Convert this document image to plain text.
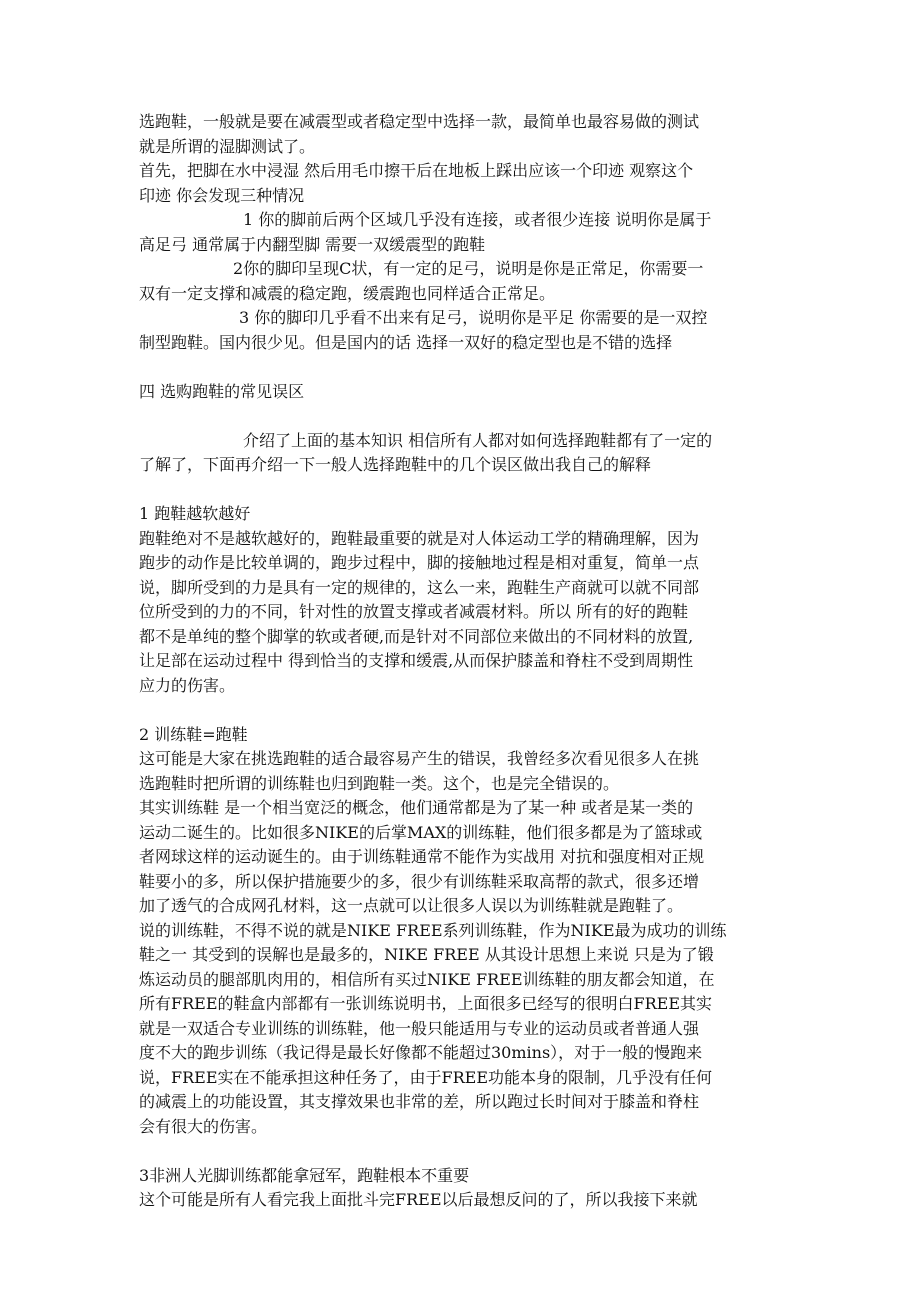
选跑鞋，一般就是要在减震型或者稳定型中选择一款，最简单也最容易做的测试
就是所谓的湿脚测试了。
首先，把脚在水中浸湿 然后用毛巾擦干后在地板上踩出应该一个印迹 观察这个
印迹 你会发现三种情况
1 你的脚前后两个区域几乎没有连接，或者很少连接 说明你是属于
高足弓 通常属于内翻型脚 需要一双缓震型的跑鞋
2你的脚印呈现C状，有一定的足弓，说明是你是正常足，你需要一
双有一定支撑和减震的稳定跑，缓震跑也同样适合正常足。
3 你的脚印几乎看不出来有足弓，说明你是平足 你需要的是一双控
制型跑鞋。国内很少见。但是国内的话 选择一双好的稳定型也是不错的选择
四 选购跑鞋的常见误区
介绍了上面的基本知识 相信所有人都对如何选择跑鞋都有了一定的
了解了，下面再介绍一下一般人选择跑鞋中的几个误区做出我自己的解释
1 跑鞋越软越好
跑鞋绝对不是越软越好的，跑鞋最重要的就是对人体运动工学的精确理解，因为
跑步的动作是比较单调的，跑步过程中，脚的接触地过程是相对重复，简单一点
说，脚所受到的力是具有一定的规律的，这么一来，跑鞋生产商就可以就不同部
位所受到的力的不同，针对性的放置支撑或者减震材料。所以 所有的好的跑鞋
都不是单纯的整个脚掌的软或者硬,而是针对不同部位来做出的不同材料的放置,
让足部在运动过程中 得到恰当的支撑和缓震,从而保护膝盖和脊柱不受到周期性
应力的伤害。
2 训练鞋=跑鞋
这可能是大家在挑选跑鞋的适合最容易产生的错误，我曾经多次看见很多人在挑
选跑鞋时把所谓的训练鞋也归到跑鞋一类。这个，也是完全错误的。
其实训练鞋 是一个相当宽泛的概念，他们通常都是为了某一种 或者是某一类的
运动二诞生的。比如很多NIKE的后掌MAX的训练鞋，他们很多都是为了篮球或
者网球这样的运动诞生的。由于训练鞋通常不能作为实战用 对抗和强度相对正规
鞋要小的多，所以保护措施要少的多，很少有训练鞋采取高帮的款式，很多还增
加了透气的合成网孔材料，这一点就可以让很多人误以为训练鞋就是跑鞋了。
说的训练鞋，不得不说的就是NIKE FREE系列训练鞋，作为NIKE最为成功的训练
鞋之一 其受到的误解也是最多的，NIKE FREE 从其设计思想上来说 只是为了锻
炼运动员的腿部肌肉用的，相信所有买过NIKE FREE训练鞋的朋友都会知道，在
所有FREE的鞋盒内部都有一张训练说明书，上面很多已经写的很明白FREE其实
就是一双适合专业训练的训练鞋，他一般只能适用与专业的运动员或者普通人强
度不大的跑步训练（我记得是最长好像都不能超过30mins），对于一般的慢跑来
说，FREE实在不能承担这种任务了，由于FREE功能本身的限制，几乎没有任何
的减震上的功能设置，其支撑效果也非常的差，所以跑过长时间对于膝盖和脊柱
会有很大的伤害。
3非洲人光脚训练都能拿冠军，跑鞋根本不重要
这个可能是所有人看完我上面批斗完FREE以后最想反问的了，所以我接下来就
